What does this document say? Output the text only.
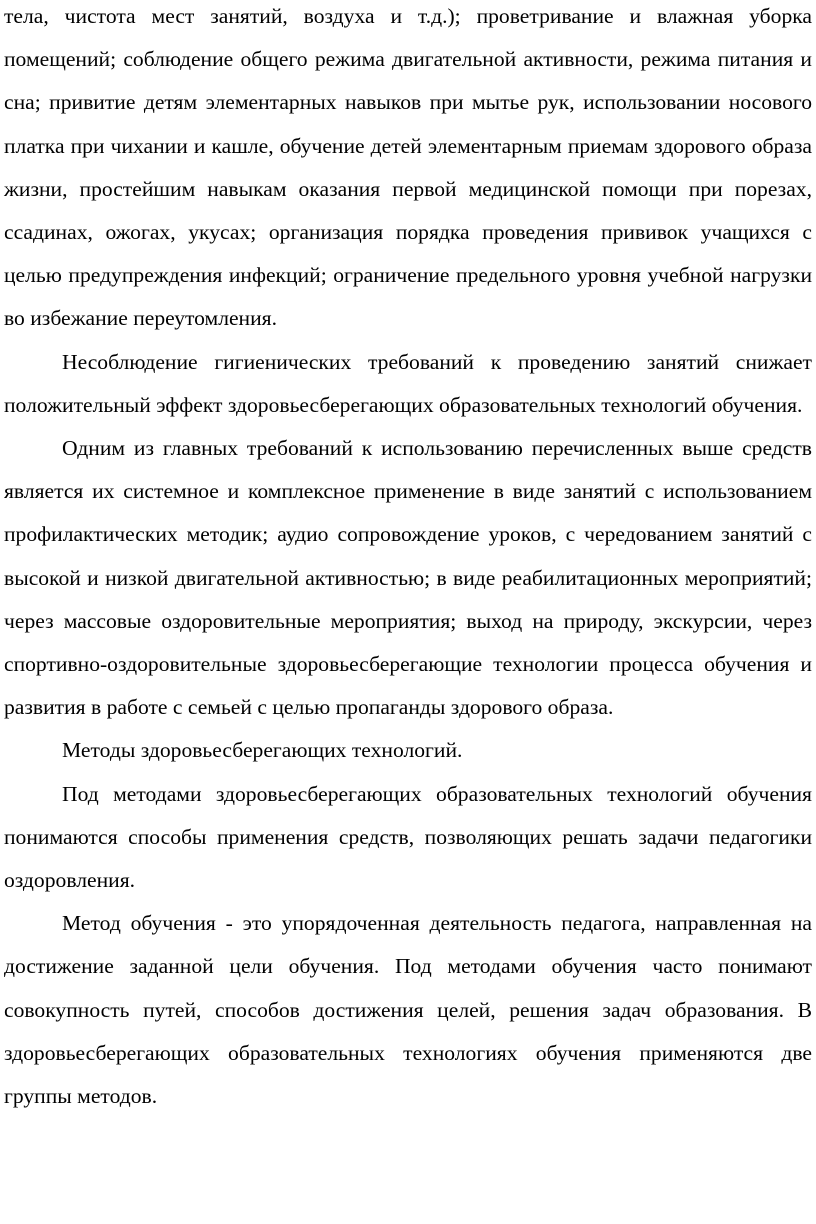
тела, чистота мест занятий, воздуха и т.д.); проветривание и влажная уборка помещений; соблюдение общего режима двигательной активности, режима питания и сна; привитие детям элементарных навыков при мытье рук, использовании носового платка при чихании и кашле, обучение детей элементарным приемам здорового образа жизни, простейшим навыкам оказания первой медицинской помощи при порезах, ссадинах, ожогах, укусах; организация порядка проведения прививок учащихся с целью предупреждения инфекций; ограничение предельного уровня учебной нагрузки во избежание переутомления.

Несоблюдение гигиенических требований к проведению занятий снижает положительный эффект здоровьесберегающих образовательных технологий обучения.

Одним из главных требований к использованию перечисленных выше средств является их системное и комплексное применение в виде занятий с использованием профилактических методик; аудио сопровождение уроков, с чередованием занятий с высокой и низкой двигательной активностью; в виде реабилитационных мероприятий; через массовые оздоровительные мероприятия; выход на природу, экскурсии, через спортивно-оздоровительные здоровьесберегающие технологии процесса обучения и развития в работе с семьей с целью пропаганды здорового образа.

Методы здоровьесберегающих технологий.

Под методами здоровьесберегающих образовательных технологий обучения понимаются способы применения средств, позволяющих решать задачи педагогики оздоровления.

Метод обучения - это упорядоченная деятельность педагога, направленная на достижение заданной цели обучения. Под методами обучения часто понимают совокупность путей, способов достижения целей, решения задач образования. В здоровьесберегающих образовательных технологиях обучения применяются две группы методов.
